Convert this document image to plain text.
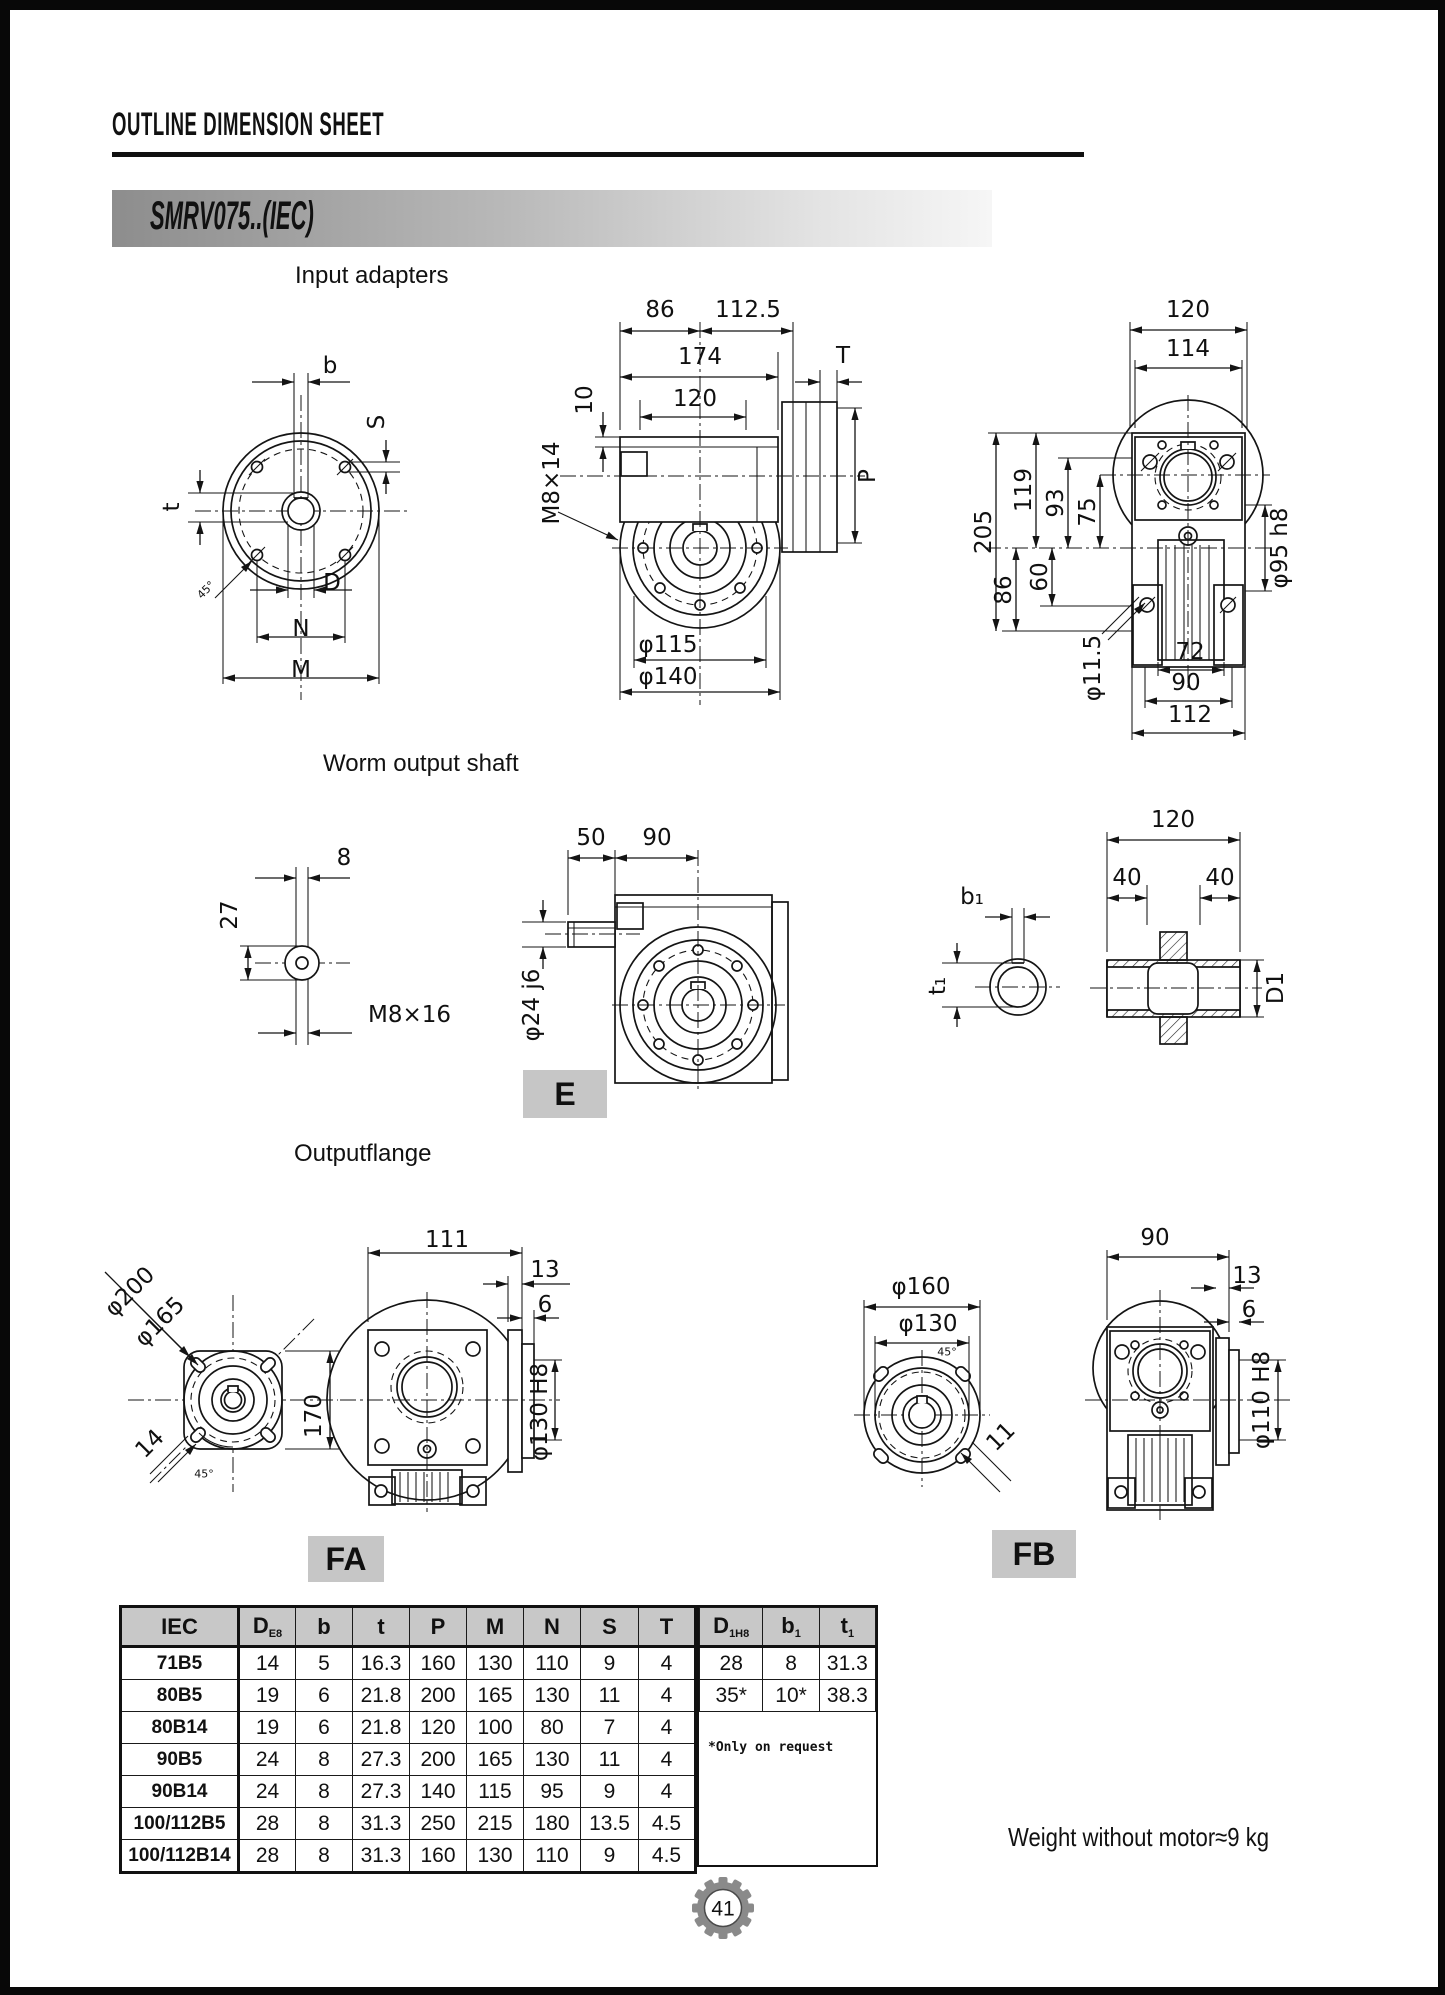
OUTLINE DIMENSION SHEET
SMRV075..(IEC)
Input adapters
Worm output shaft
Outputflange
b
S
t
D
N
M
45°
86 112.5
174
120
10
M8×14
T
P
φ115
φ140
120
114
205
119 93 75
86 60	φ95 h8
φ11.5	72
90
112
8
27
M8×16
50 90
φ24 j6
b₁
t₁
120
40	40
D1
E
φ200
φ165
170
14
45°
111
13
6
φ130 H8
φ160
φ130
45°
11
90
13
6
φ110 H8
FA	FB
IEC	$D_{E8}$	b	t	P	M	N	S	T
71B5	14	5	16.3	160	130	110	9	4
80B5	19	6	21.8	200	165	130	11	4
80B14	19	6	21.8	120	100	80	7	4
90B5	24	8	27.3	200	165	130	11	4
90B14	24	8	27.3	140	115	95	9	4
100/112B5	28	8	31.3	250	215	180	13.5	4.5
100/112B14	28	8	31.3	160	130	110	9	4.5
$D_{1H8}$	$b_1$	$t_1$
28	8	31.3
35*	10*	38.3
*Only on request
Weight without motor≈9 kg
41
